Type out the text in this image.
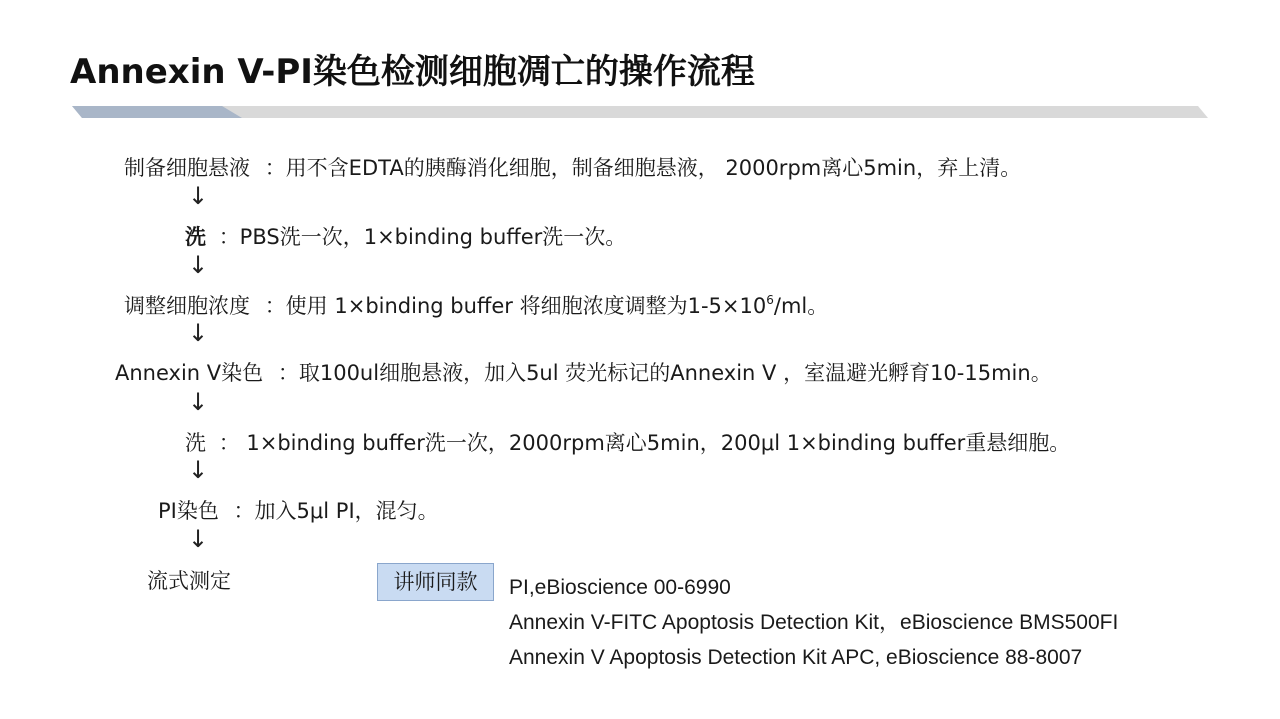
Annexin V-PI染色检测细胞凋亡的操作流程
制备细胞悬液 ：用不含EDTA的胰酶消化细胞，制备细胞悬液， 2000rpm离心5min，弃上清。
↓
洗 ：PBS洗一次，1×binding buffer洗一次。
↓
调整细胞浓度 ：使用 1×binding buffer 将细胞浓度调整为$1-5\times 10^6/ml$。
↓
Annexin V染色 ：取100ul细胞悬液，加入5ul 荧光标记的Annexin V ，室温避光孵育10-15min。
↓
洗 ： 1×binding buffer洗一次，2000rpm离心5min，200μl 1×binding buffer重悬细胞。
↓
PI染色 ：加入5μl PI，混匀。
↓
流式测定	讲师同款	PI,eBioscience 00-6990
Annexin V-FITC Apoptosis Detection Kit，eBioscience BMS500FI
Annexin V Apoptosis Detection Kit APC, eBioscience 88-8007
